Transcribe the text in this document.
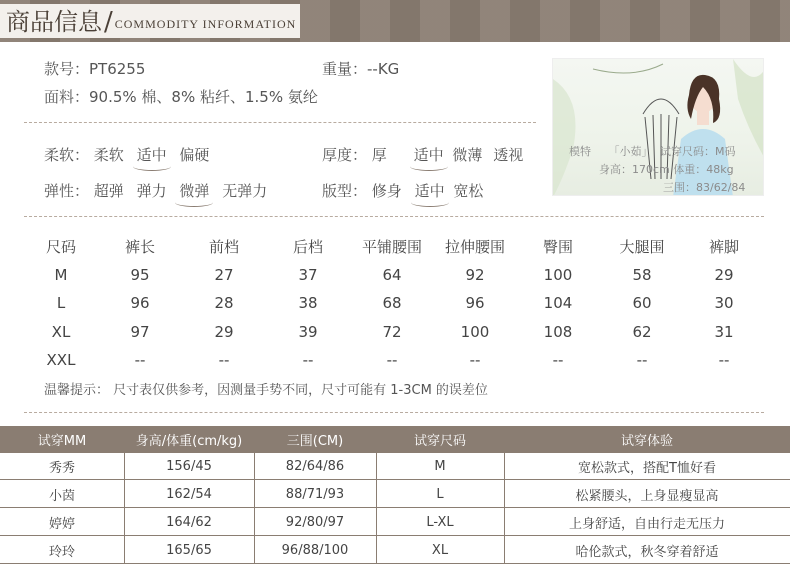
商品信息 / COMMODITY INFORMATION
款号：PT6255	重量：--KG
面料：90.5% 棉、8% 粘纤、1.5% 氨纶
柔软： 柔软 适中 偏硬	厚度： 厚 适中 微薄 透视
弹性： 超弹 弹力 微弹 无弹力	版型： 修身 适中 宽松
模特 「小茹」 试穿尺码：M码
身高：170cm 体重：48kg
三围：83/62/84
尺码	裤长	前档	后档	平铺腰围	拉伸腰围	臀围	大腿围	裤脚
M	95	27	37	64	92	100	58	29
L	96	28	38	68	96	104	60	30
XL	97	29	39	72	100	108	62	31
XXL	--	--	--	--	--	--	--	--
温馨提示： 尺寸表仅供参考，因测量手势不同，尺寸可能有 1-3CM 的误差位
试穿MM	身高/体重(cm/kg)	三围(CM)	试穿尺码	试穿体验
秀秀	156/45	82/64/86	M	宽松款式，搭配T恤好看
小茵	162/54	88/71/93	L	松紧腰头，上身显瘦显高
婷婷	164/62	92/80/97	L-XL	上身舒适，自由行走无压力
玲玲	165/65	96/88/100	XL	哈伦款式，秋冬穿着舒适
